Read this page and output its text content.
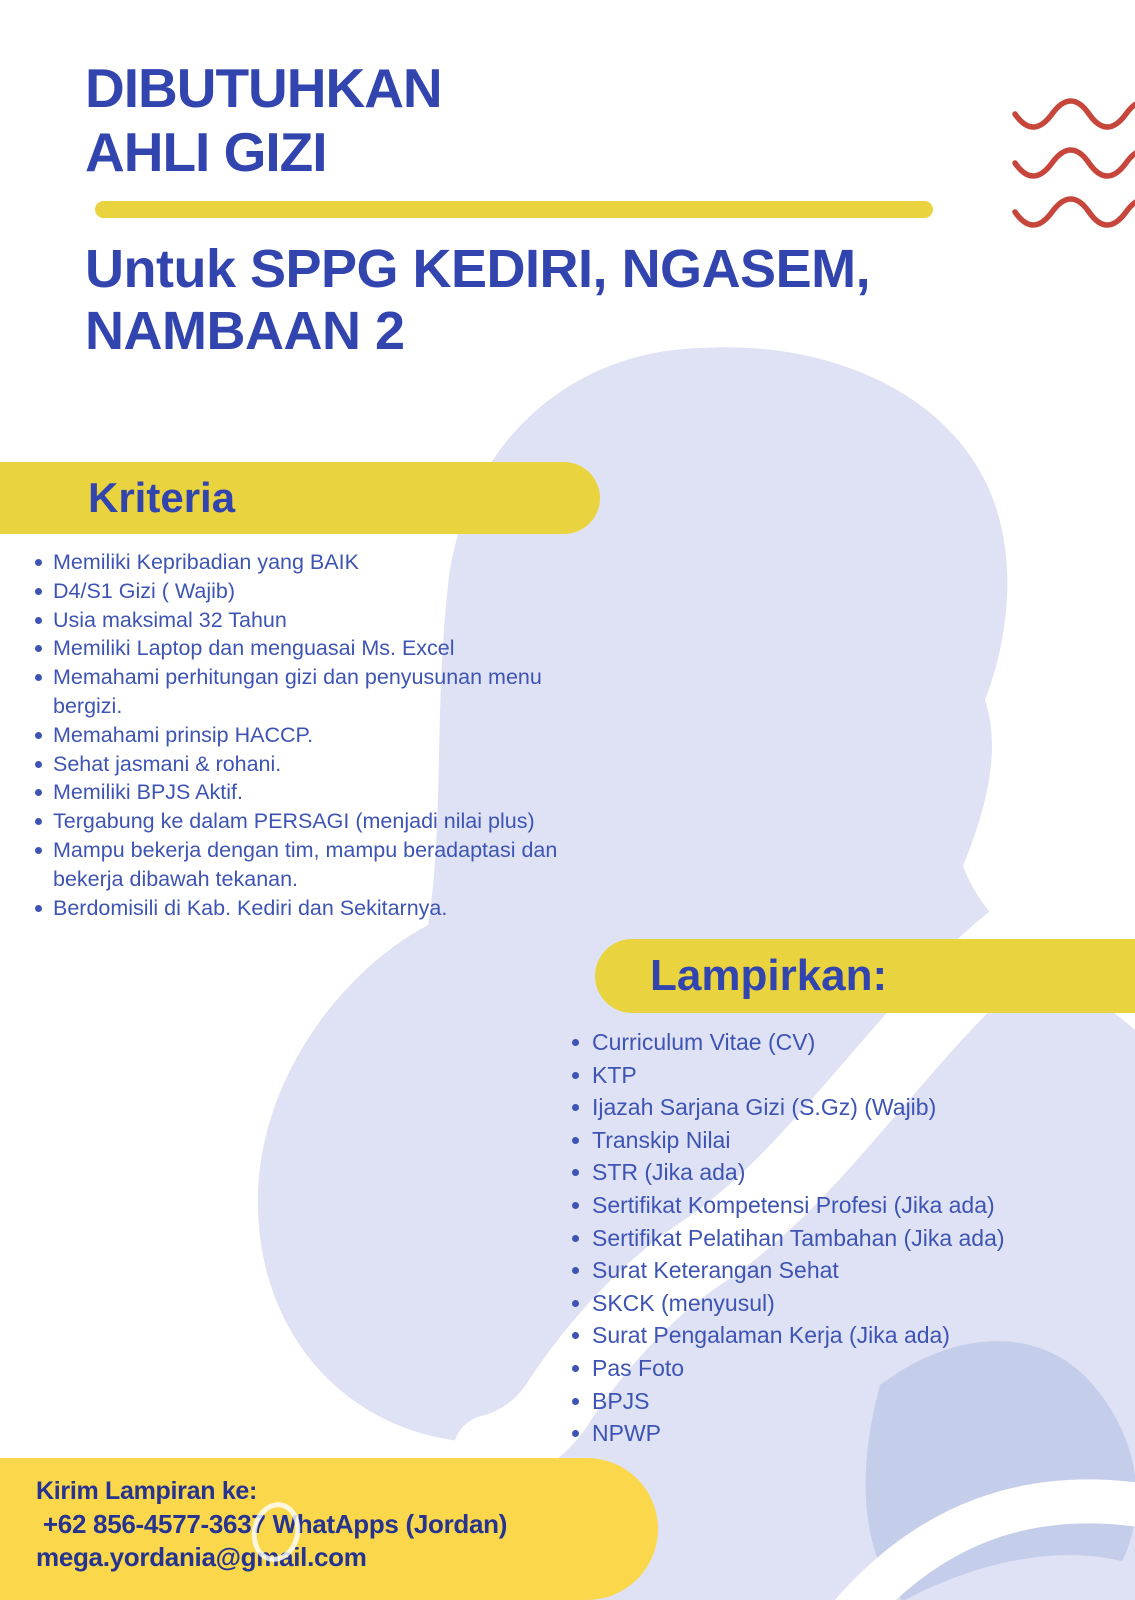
DIBUTUHKAN
AHLI GIZI
Untuk SPPG KEDIRI, NGASEM,
NAMBAAN 2
Kriteria
Memiliki Kepribadian yang BAIK
D4/S1 Gizi ( Wajib)
Usia maksimal 32 Tahun
Memiliki Laptop dan menguasai Ms. Excel
Memahami perhitungan gizi dan penyusunan menu bergizi.
Memahami prinsip HACCP.
Sehat jasmani & rohani.
Memiliki BPJS Aktif.
Tergabung ke dalam PERSAGI (menjadi nilai plus)
Mampu bekerja dengan tim, mampu beradaptasi dan bekerja dibawah tekanan.
Berdomisili di Kab. Kediri dan Sekitarnya.
Lampirkan:
Curriculum Vitae (CV)
KTP
Ijazah Sarjana Gizi (S.Gz) (Wajib)
Transkip Nilai
STR (Jika ada)
Sertifikat Kompetensi Profesi (Jika ada)
Sertifikat Pelatihan Tambahan (Jika ada)
Surat Keterangan Sehat
SKCK (menyusul)
Surat Pengalaman Kerja (Jika ada)
Pas Foto
BPJS
NPWP
Kirim Lampiran ke:
+62 856-4577-3637 WhatApps (Jordan)
mega.yordania@gmail.com
